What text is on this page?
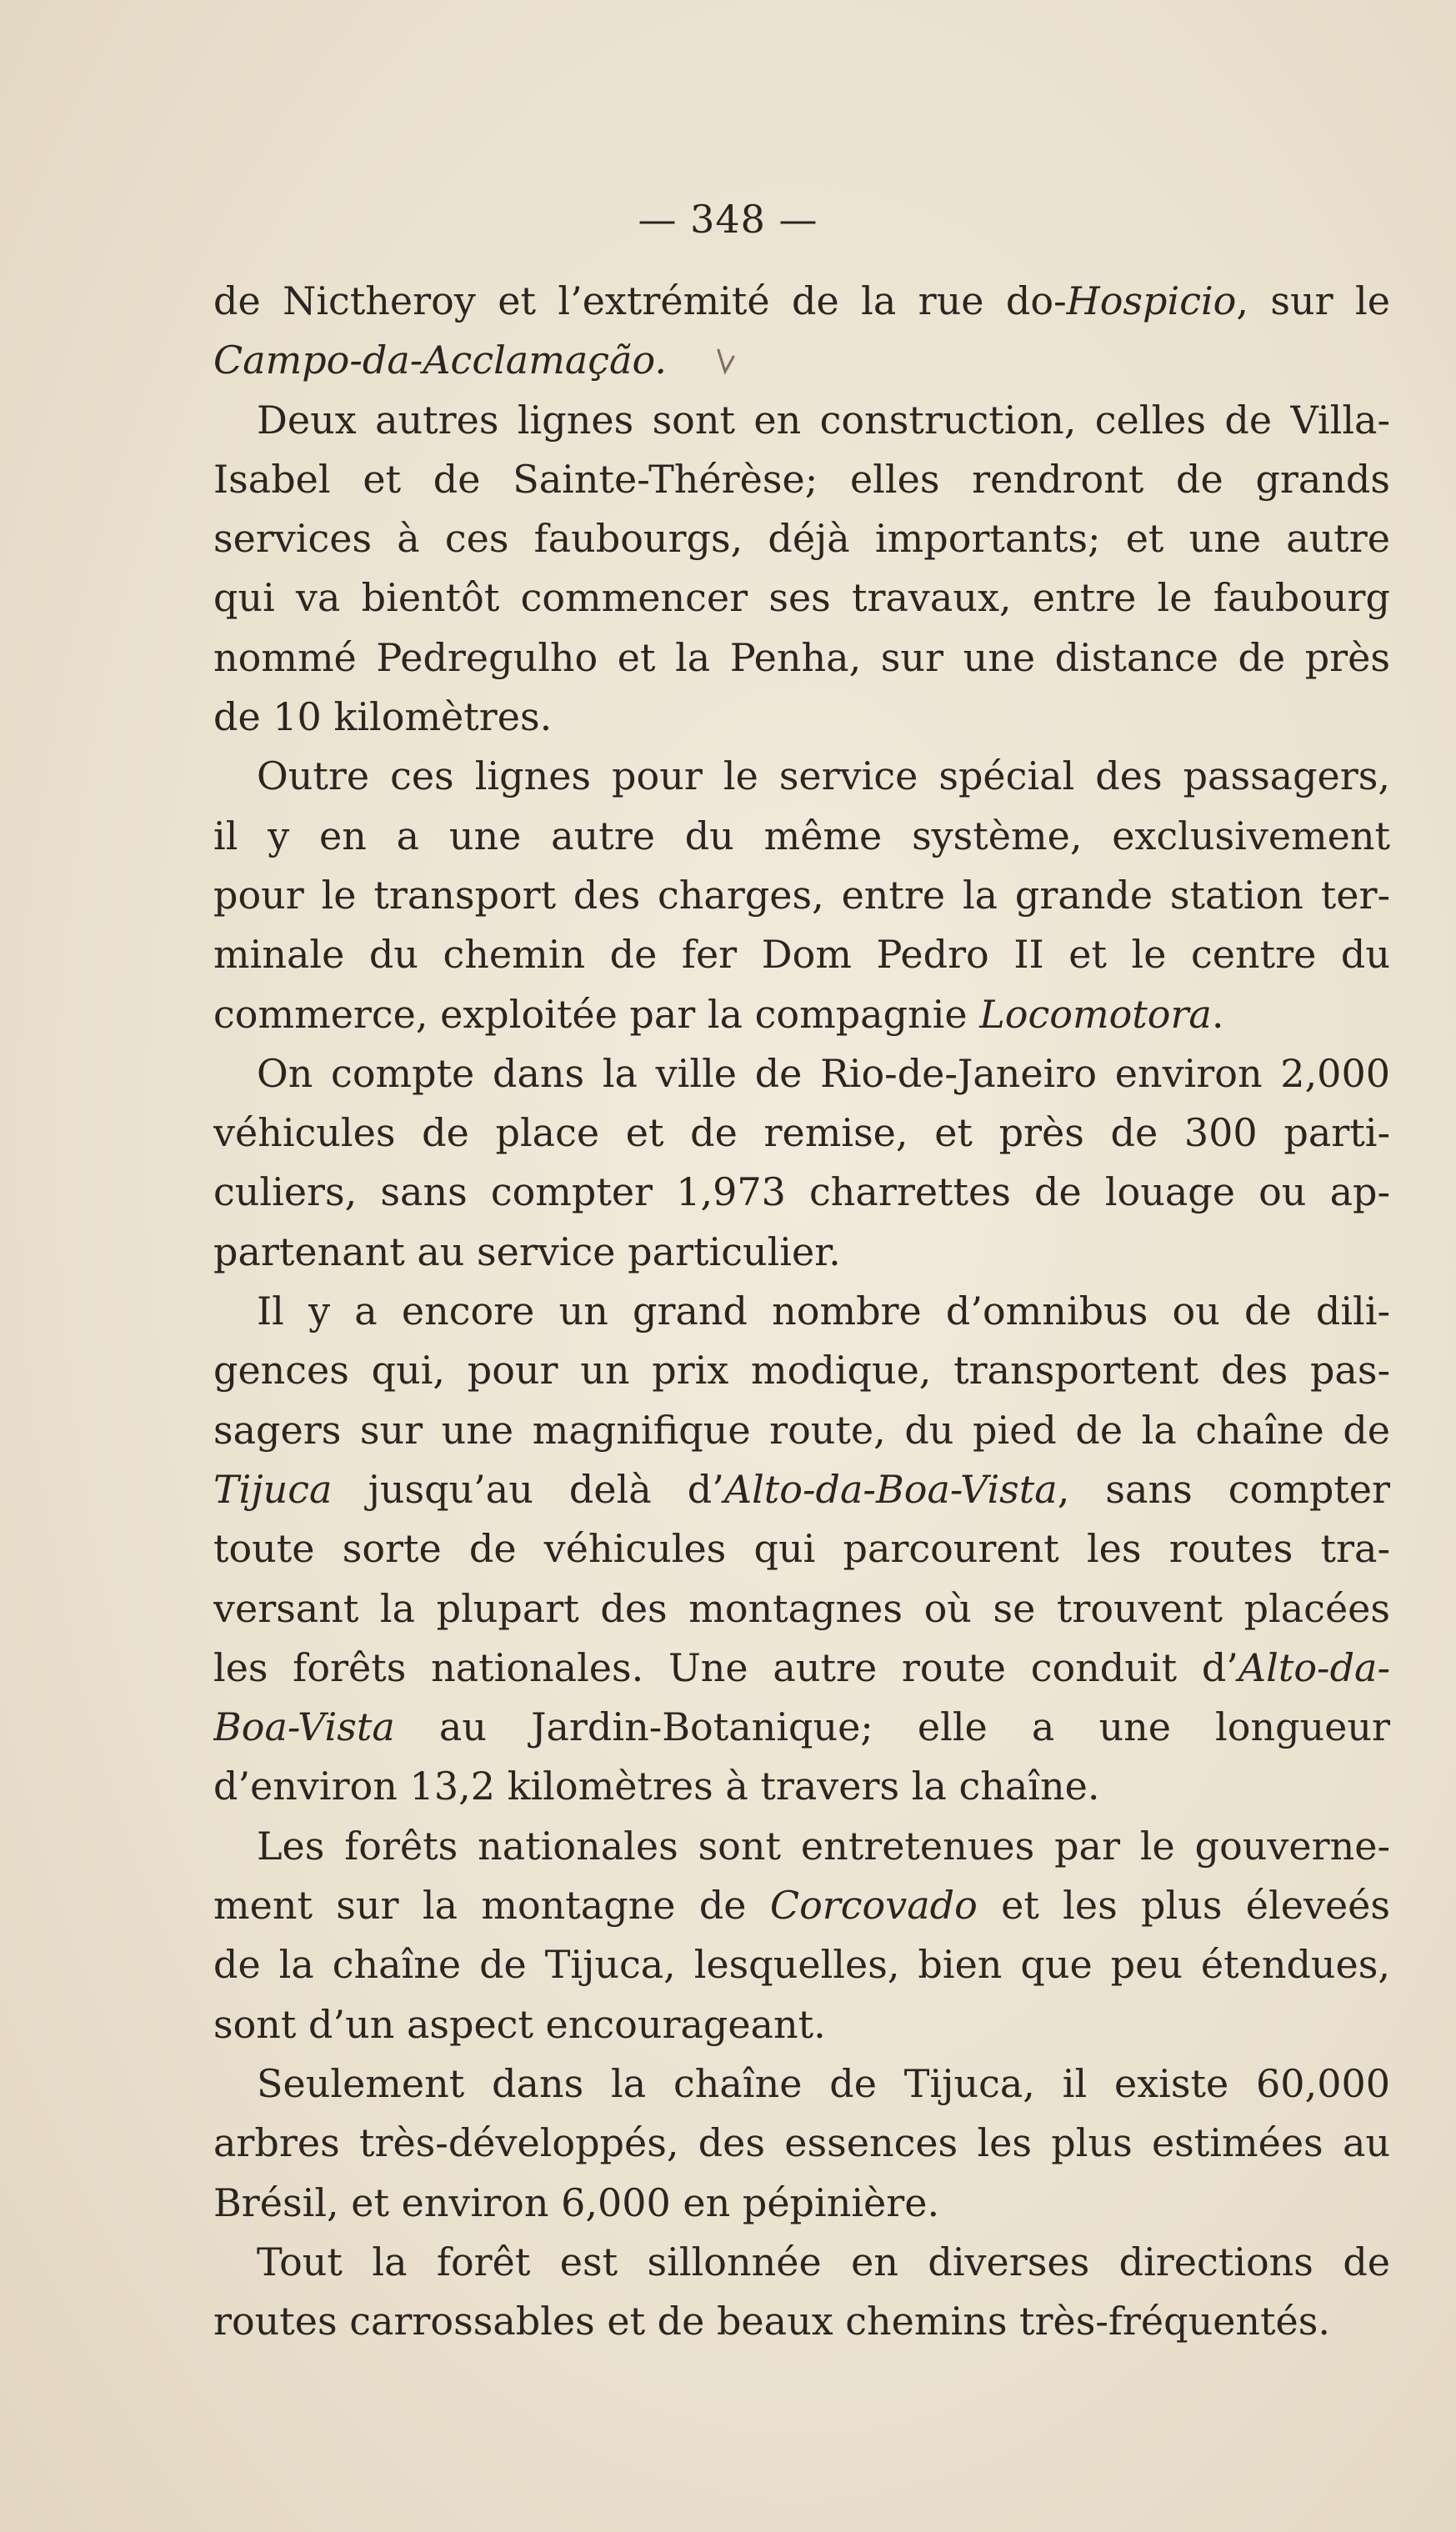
— 348 —
de Nictheroy et l’extrémité de la rue do-Hospicio, sur le
Campo-da-Acclamação.
Deux autres lignes sont en construction, celles de Villa-
Isabel et de Sainte-Thérèse; elles rendront de grands
services à ces faubourgs, déjà importants; et une autre
qui va bientôt commencer ses travaux, entre le faubourg
nommé Pedregulho et la Penha, sur une distance de près
de 10 kilomètres.
Outre ces lignes pour le service spécial des passagers,
il y en a une autre du même système, exclusivement
pour le transport des charges, entre la grande station ter-
minale du chemin de fer Dom Pedro II et le centre du
commerce, exploitée par la compagnie Locomotora.
On compte dans la ville de Rio-de-Janeiro environ 2,000
véhicules de place et de remise, et près de 300 parti-
culiers, sans compter 1,973 charrettes de louage ou ap-
partenant au service particulier.
Il y a encore un grand nombre d’omnibus ou de dili-
gences qui, pour un prix modique, transportent des pas-
sagers sur une magnifique route, du pied de la chaîne de
Tijuca jusqu’au delà d’Alto-da-Boa-Vista, sans compter
toute sorte de véhicules qui parcourent les routes tra-
versant la plupart des montagnes où se trouvent placées
les forêts nationales. Une autre route conduit d’Alto-da-
Boa-Vista au Jardin-Botanique; elle a une longueur
d’environ 13,2 kilomètres à travers la chaîne.
Les forêts nationales sont entretenues par le gouverne-
ment sur la montagne de Corcovado et les plus éleveés
de la chaîne de Tijuca, lesquelles, bien que peu étendues,
sont d’un aspect encourageant.
Seulement dans la chaîne de Tijuca, il existe 60,000
arbres très-développés, des essences les plus estimées au
Brésil, et environ 6,000 en pépinière.
Tout la forêt est sillonnée en diverses directions de
routes carrossables et de beaux chemins très-fréquentés.
